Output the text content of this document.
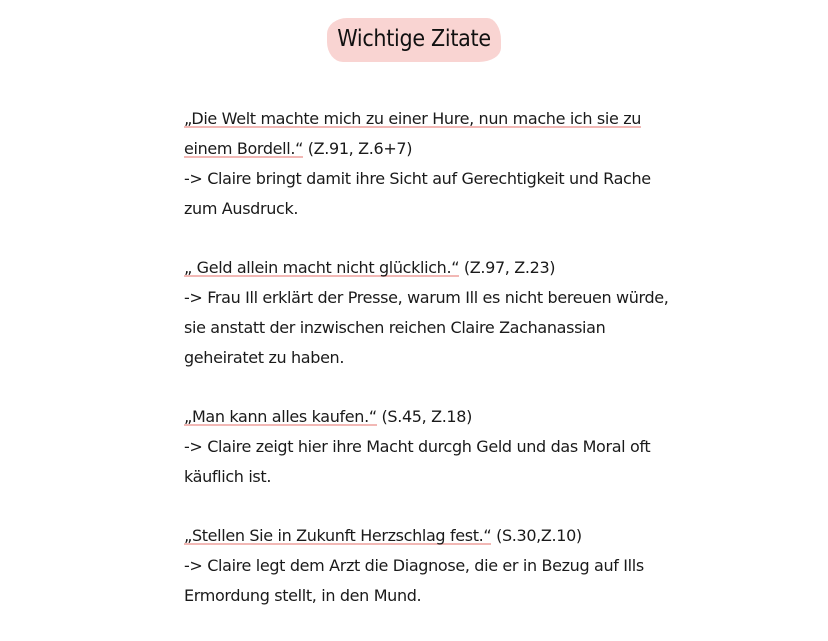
Wichtige Zitate
„Die Welt machte mich zu einer Hure, nun mache ich sie zu einem Bordell.“ (Z.91, Z.6+7)
-> Claire bringt damit ihre Sicht auf Gerechtigkeit und Rache zum Ausdruck.
„ Geld allein macht nicht glücklich.“ (Z.97, Z.23)
-> Frau Ill erklärt der Presse, warum Ill es nicht bereuen würde, sie anstatt der inzwischen reichen Claire Zachanassian geheiratet zu haben.
„Man kann alles kaufen.“ (S.45, Z.18)
-> Claire zeigt hier ihre Macht durcgh Geld und das Moral oft käuflich ist.
„Stellen Sie in Zukunft Herzschlag fest.“ (S.30,Z.10)
-> Claire legt dem Arzt die Diagnose, die er in Bezug auf Ills Ermordung stellt, in den Mund.
